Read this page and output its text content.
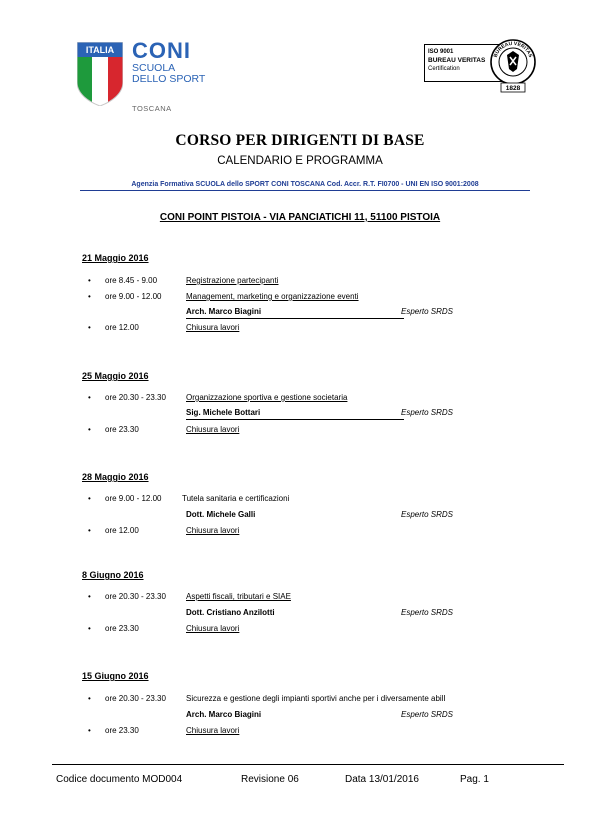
ITALIA CONI
SCUOLA
DELLO SPORT
TOSCANA
ISO 9001
BUREAU VERITAS
Certification
BUREAU VERITAS
1828
CORSO PER DIRIGENTI DI BASE
CALENDARIO E PROGRAMMA
Agenzia Formativa SCUOLA dello SPORT CONI TOSCANA Cod. Accr. R.T. FI0700 - UNI EN ISO 9001:2008
CONI POINT PISTOIA - VIA PANCIATICHI 11, 51100 PISTOIA
21 Maggio 2016
• ore 8.45 - 9.00	Registrazione partecipanti
• ore 9.00 - 12.00	Management, marketing e organizzazione eventi
Arch. Marco Biagini	Esperto SRDS
• ore 12.00	Chiusura lavori
25 Maggio 2016
• ore 20.30 - 23.30	Organizzazione sportiva e gestione societaria
Sig. Michele Bottari	Esperto SRDS
• ore 23.30	Chiusura lavori
28 Maggio 2016
• ore 9.00 - 12.00	Tutela sanitaria e certificazioni
Dott. Michele Galli	Esperto SRDS
• ore 12.00	Chiusura lavori
8 Giugno 2016
• ore 20.30 - 23.30	Aspetti fiscali, tributari e SIAE
Dott. Cristiano Anzilotti	Esperto SRDS
• ore 23.30	Chiusura lavori
15 Giugno 2016
• ore 20.30 - 23.30	Sicurezza e gestione degli impianti sportivi anche per i diversamente abilI
Arch. Marco Biagini	Esperto SRDS
• ore 23.30	Chiusura lavori
Codice documento MOD004	Revisione 06	Data 13/01/2016	Pag. 1
